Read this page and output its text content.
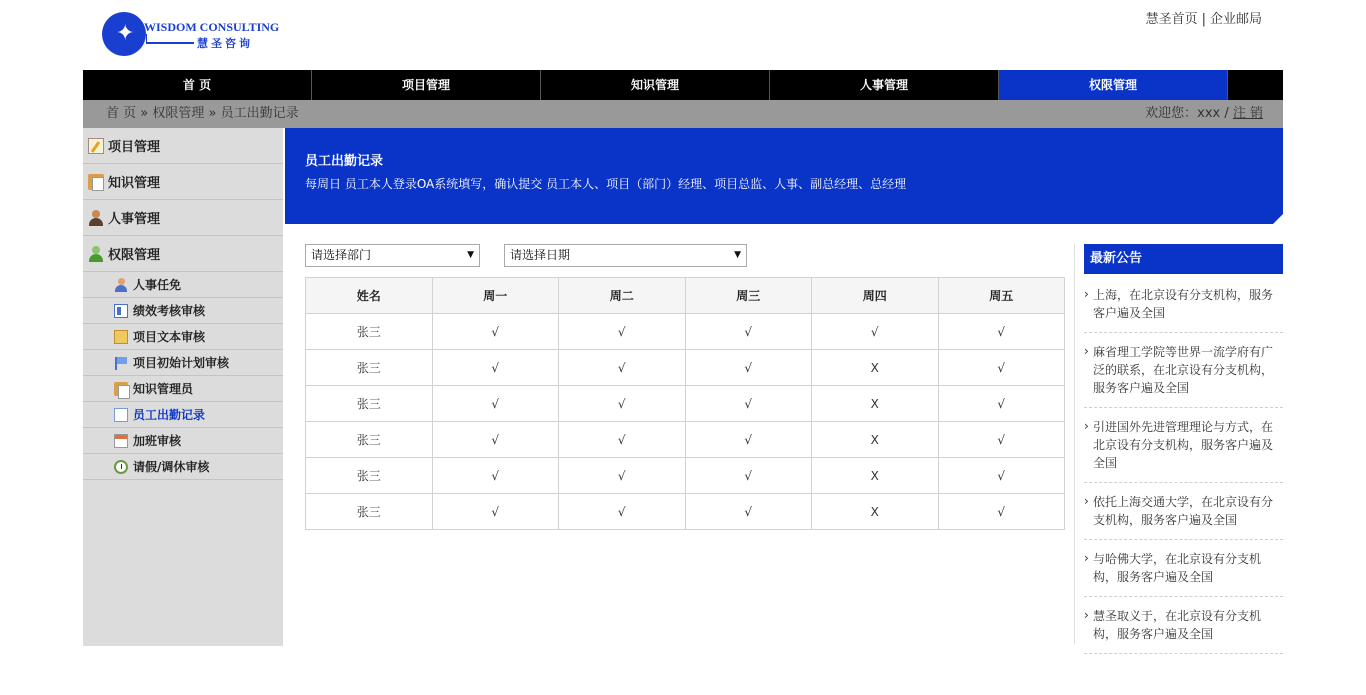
✦ WISDOM CONSULTING
慧圣咨询
慧圣首页 | 企业邮局
首 页	项目管理	知识管理	人事管理	权限管理
首 页 » 权限管理 » 员工出勤记录	欢迎您：xxx / 注 销
项目管理
知识管理
人事管理
权限管理
人事任免
绩效考核审核
项目文本审核
项目初始计划审核
知识管理员
员工出勤记录
加班审核
请假/调休审核
员工出勤记录
每周日 员工本人登录OA系统填写，确认提交 员工本人、项目（部门）经理、项目总监、人事、副总经理、总经理
请选择部门	▼	请选择日期	▼
姓名	周一	周二	周三	周四	周五
张三	√	√	√	√	√
张三	√	√	√	X	√
张三	√	√	√	X	√
张三	√	√	√	X	√
张三	√	√	√	X	√
张三	√	√	√	X	√
最新公告
› 上海，在北京设有分支机构，服务客户遍及全国
› 麻省理工学院等世界一流学府有广泛的联系，在北京设有分支机构，服务客户遍及全国
› 引进国外先进管理理论与方式，在北京设有分支机构，服务客户遍及全国
› 依托上海交通大学，在北京设有分支机构，服务客户遍及全国
› 与哈佛大学，在北京设有分支机构，服务客户遍及全国
› 慧圣取义于，在北京设有分支机构，服务客户遍及全国
